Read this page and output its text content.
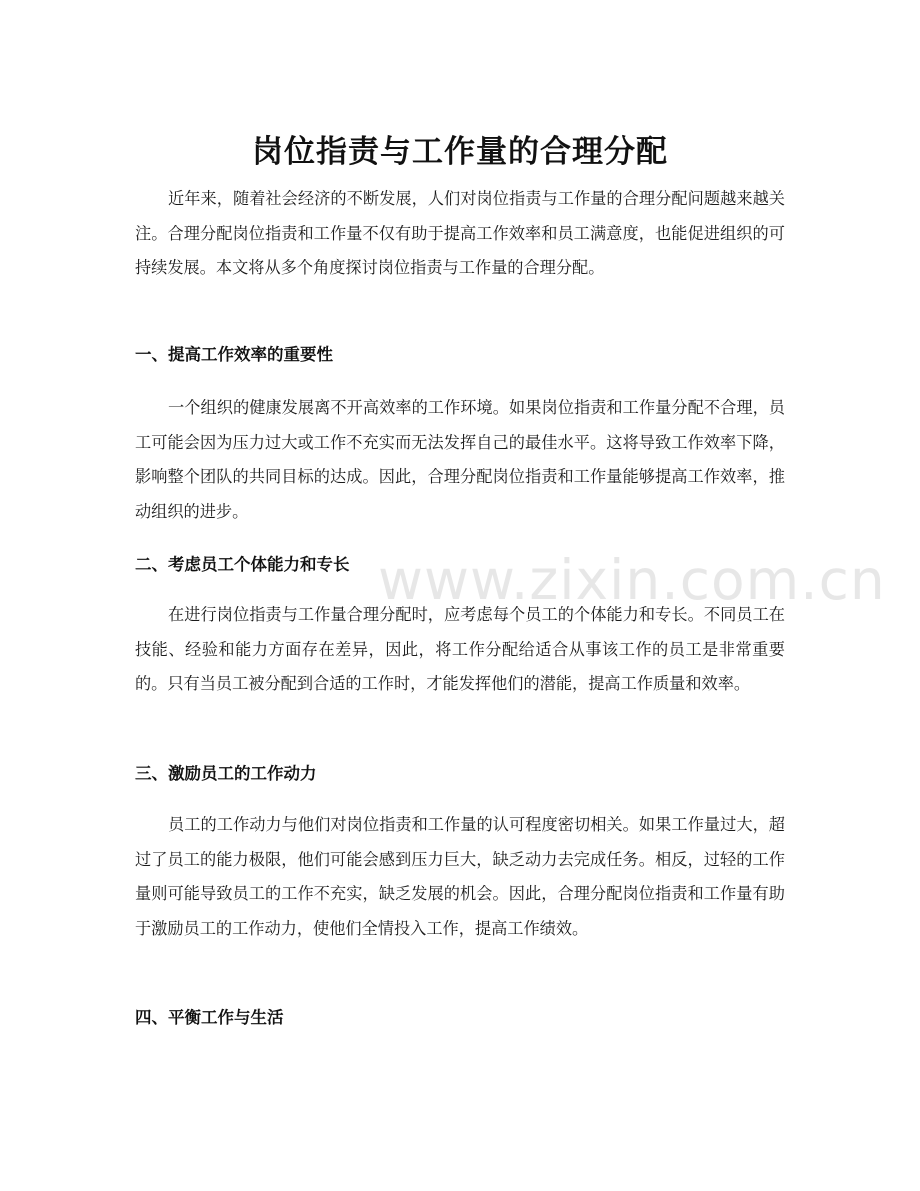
岗位指责与工作量的合理分配

近年来，随着社会经济的不断发展，人们对岗位指责与工作量的合理分配问题越来越关注。合理分配岗位指责和工作量不仅有助于提高工作效率和员工满意度，也能促进组织的可持续发展。本文将从多个角度探讨岗位指责与工作量的合理分配。

一、提高工作效率的重要性

一个组织的健康发展离不开高效率的工作环境。如果岗位指责和工作量分配不合理，员工可能会因为压力过大或工作不充实而无法发挥自己的最佳水平。这将导致工作效率下降，影响整个团队的共同目标的达成。因此，合理分配岗位指责和工作量能够提高工作效率，推动组织的进步。

二、考虑员工个体能力和专长

在进行岗位指责与工作量合理分配时，应考虑每个员工的个体能力和专长。不同员工在技能、经验和能力方面存在差异，因此，将工作分配给适合从事该工作的员工是非常重要的。只有当员工被分配到合适的工作时，才能发挥他们的潜能，提高工作质量和效率。

三、激励员工的工作动力

员工的工作动力与他们对岗位指责和工作量的认可程度密切相关。如果工作量过大，超过了员工的能力极限，他们可能会感到压力巨大，缺乏动力去完成任务。相反，过轻的工作量则可能导致员工的工作不充实，缺乏发展的机会。因此，合理分配岗位指责和工作量有助于激励员工的工作动力，使他们全情投入工作，提高工作绩效。

四、平衡工作与生活
www.zixin.com.cn
